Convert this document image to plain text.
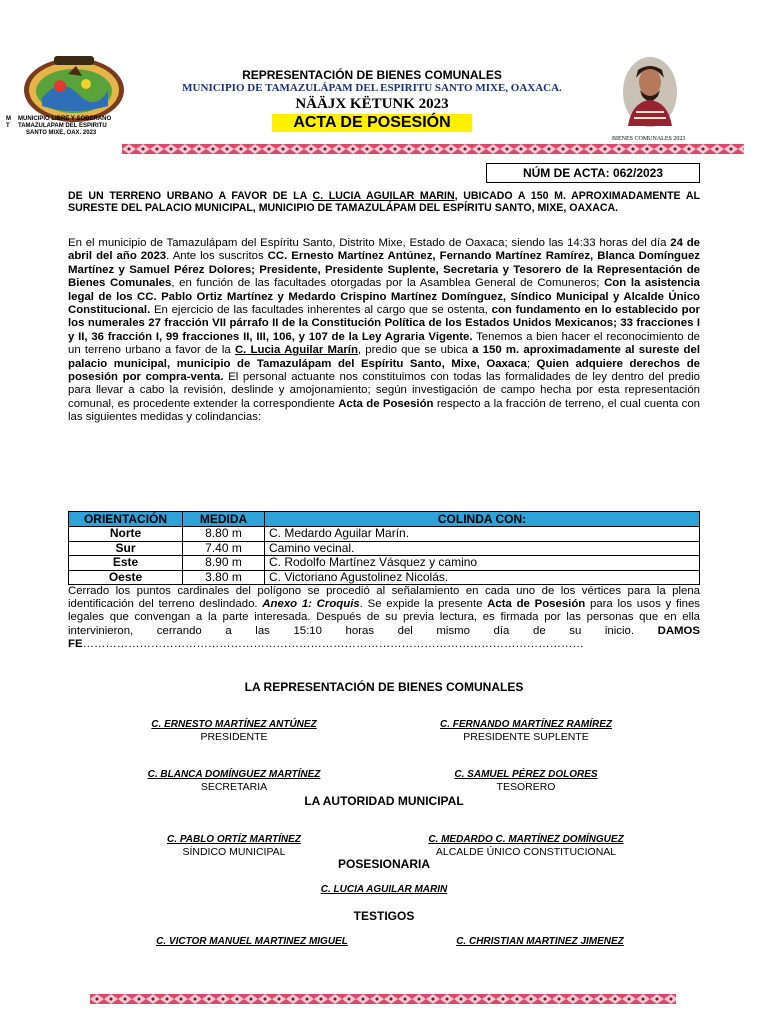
M	MUNICIPIO LIBRE Y SOBERANO
T	TAMAZULAPAM DEL ESPIRITU
SANTO MIXE, OAX. 2023
BIENES COMUNALES 2023
REPRESENTACIÓN DE BIENES COMUNALES
MUNICIPIO DE TAMAZULÁPAM DEL ESPIRITU SANTO MIXE, OAXACA.
NÄÄJX KËTUNK 2023
ACTA DE POSESIÓN
NÚM DE ACTA: 062/2023
DE UN TERRENO URBANO A FAVOR DE LA C. LUCIA AGUILAR MARIN, UBICADO A 150 M. APROXIMADAMENTE AL SURESTE DEL PALACIO MUNICIPAL, MUNICIPIO DE TAMAZULÁPAM DEL ESPÍRITU SANTO, MIXE, OAXACA.
En el municipio de Tamazulápam del Espíritu Santo, Distrito Mixe, Estado de Oaxaca; siendo las 14:33 horas del día 24 de abril del año 2023. Ante los suscritos CC. Ernesto Martínez Antúnez, Fernando Martínez Ramírez, Blanca Domínguez Martínez y Samuel Pérez Dolores; Presidente, Presidente Suplente, Secretaria y Tesorero de la Representación de Bienes Comunales, en función de las facultades otorgadas por la Asamblea General de Comuneros; Con la asistencia legal de los CC. Pablo Ortiz Martínez y Medardo Crispino Martínez Domínguez, Síndico Municipal y Alcalde Único Constitucional. En ejercicio de las facultades inherentes al cargo que se ostenta, con fundamento en lo establecido por los numerales 27 fracción VII párrafo II de la Constitución Política de los Estados Unidos Mexicanos; 33 fracciones I y II, 36 fracción I, 99 fracciones II, III, 106, y 107 de la Ley Agraria Vigente. Tenemos a bien hacer el reconocimiento de un terreno urbano a favor de la C. Lucia Aguilar Marín, predio que se ubica a 150 m. aproximadamente al sureste del palacio municipal, municipio de Tamazulápam del Espíritu Santo, Mixe, Oaxaca; Quien adquiere derechos de posesión por compra-venta. El personal actuante nos constituimos con todas las formalidades de ley dentro del predio para llevar a cabo la revisión, deslinde y amojonamiento; según investigación de campo hecha por esta representación comunal, es procedente extender la correspondiente Acta de Posesión respecto a la fracción de terreno, el cual cuenta con las siguientes medidas y colindancias:
ORIENTACIÓN	MEDIDA	COLINDA CON:
Norte	8.80 m	C. Medardo Aguilar Marín.
Sur	7.40 m	Camino vecinal.
Este	8.90 m	C. Rodolfo Martínez Vásquez y camino
Oeste	3.80 m	C. Victoriano Agustolinez Nicolás.
Cerrado los puntos cardinales del polígono se procedió al señalamiento en cada uno de los vértices para la plena identificación del terreno deslindado. Anexo 1: Croquis. Se expide la presente Acta de Posesión para los usos y fines legales que convengan a la parte interesada. Después de su previa lectura, es firmada por las personas que en ella intervinieron, cerrando a las 15:10 horas del mismo día de su inicio. DAMOS FE……………………………………………………………………………………………………………………
LA REPRESENTACIÓN DE BIENES COMUNALES
C. ERNESTO MARTÍNEZ ANTÚNEZ
PRESIDENTE
C. FERNANDO MARTÍNEZ RAMÍREZ
PRESIDENTE SUPLENTE
C. BLANCA DOMÍNGUEZ MARTÍNEZ
SECRETARIA
C. SAMUEL PÉREZ DOLORES
TESORERO
LA AUTORIDAD MUNICIPAL
C. PABLO ORTÍZ MARTÍNEZ
SÍNDICO MUNICIPAL
C. MEDARDO C. MARTÍNEZ DOMÍNGUEZ
ALCALDE ÚNICO CONSTITUCIONAL
POSESIONARIA
C. LUCIA AGUILAR MARIN
TESTIGOS
C. VICTOR MANUEL MARTINEZ MIGUEL	C. CHRISTIAN MARTINEZ JIMENEZ
